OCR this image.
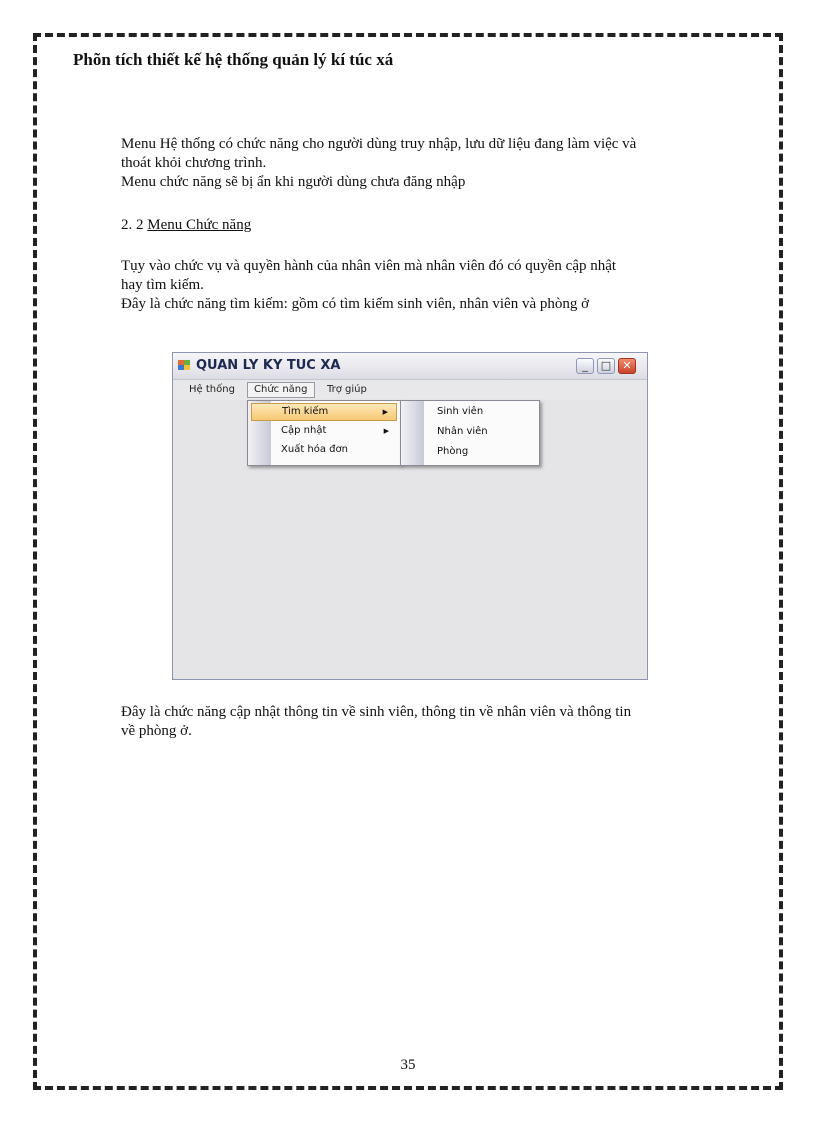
Phõn tích thiết kế hệ thống quản lý kí túc xá
Menu Hệ thống có chức năng cho người dùng truy nhập, lưu dữ liệu đang làm việc và
thoát khỏi chương trình.
Menu chức năng sẽ bị ẩn khi người dùng chưa đăng nhập
2. 2 Menu Chức năng
Tụy vào chức vụ và quyền hành của nhân viên mà nhân viên đó có quyền cập nhật
hay tìm kiếm.
Đây là chức năng tìm kiếm: gồm có tìm kiếm sinh viên, nhân viên và phòng ở
QUAN LY KY TUC XA	_	□	✕
Hệ thống	Chức năng	Trợ giúp
Tìm kiếm	▶
Cập nhật	▶
Xuất hóa đơn
Sinh viên
Nhân viên
Phòng
Đây là chức năng cập nhật thông tin về sinh viên, thông tin về nhân viên và thông tin
về phòng ở.
35
